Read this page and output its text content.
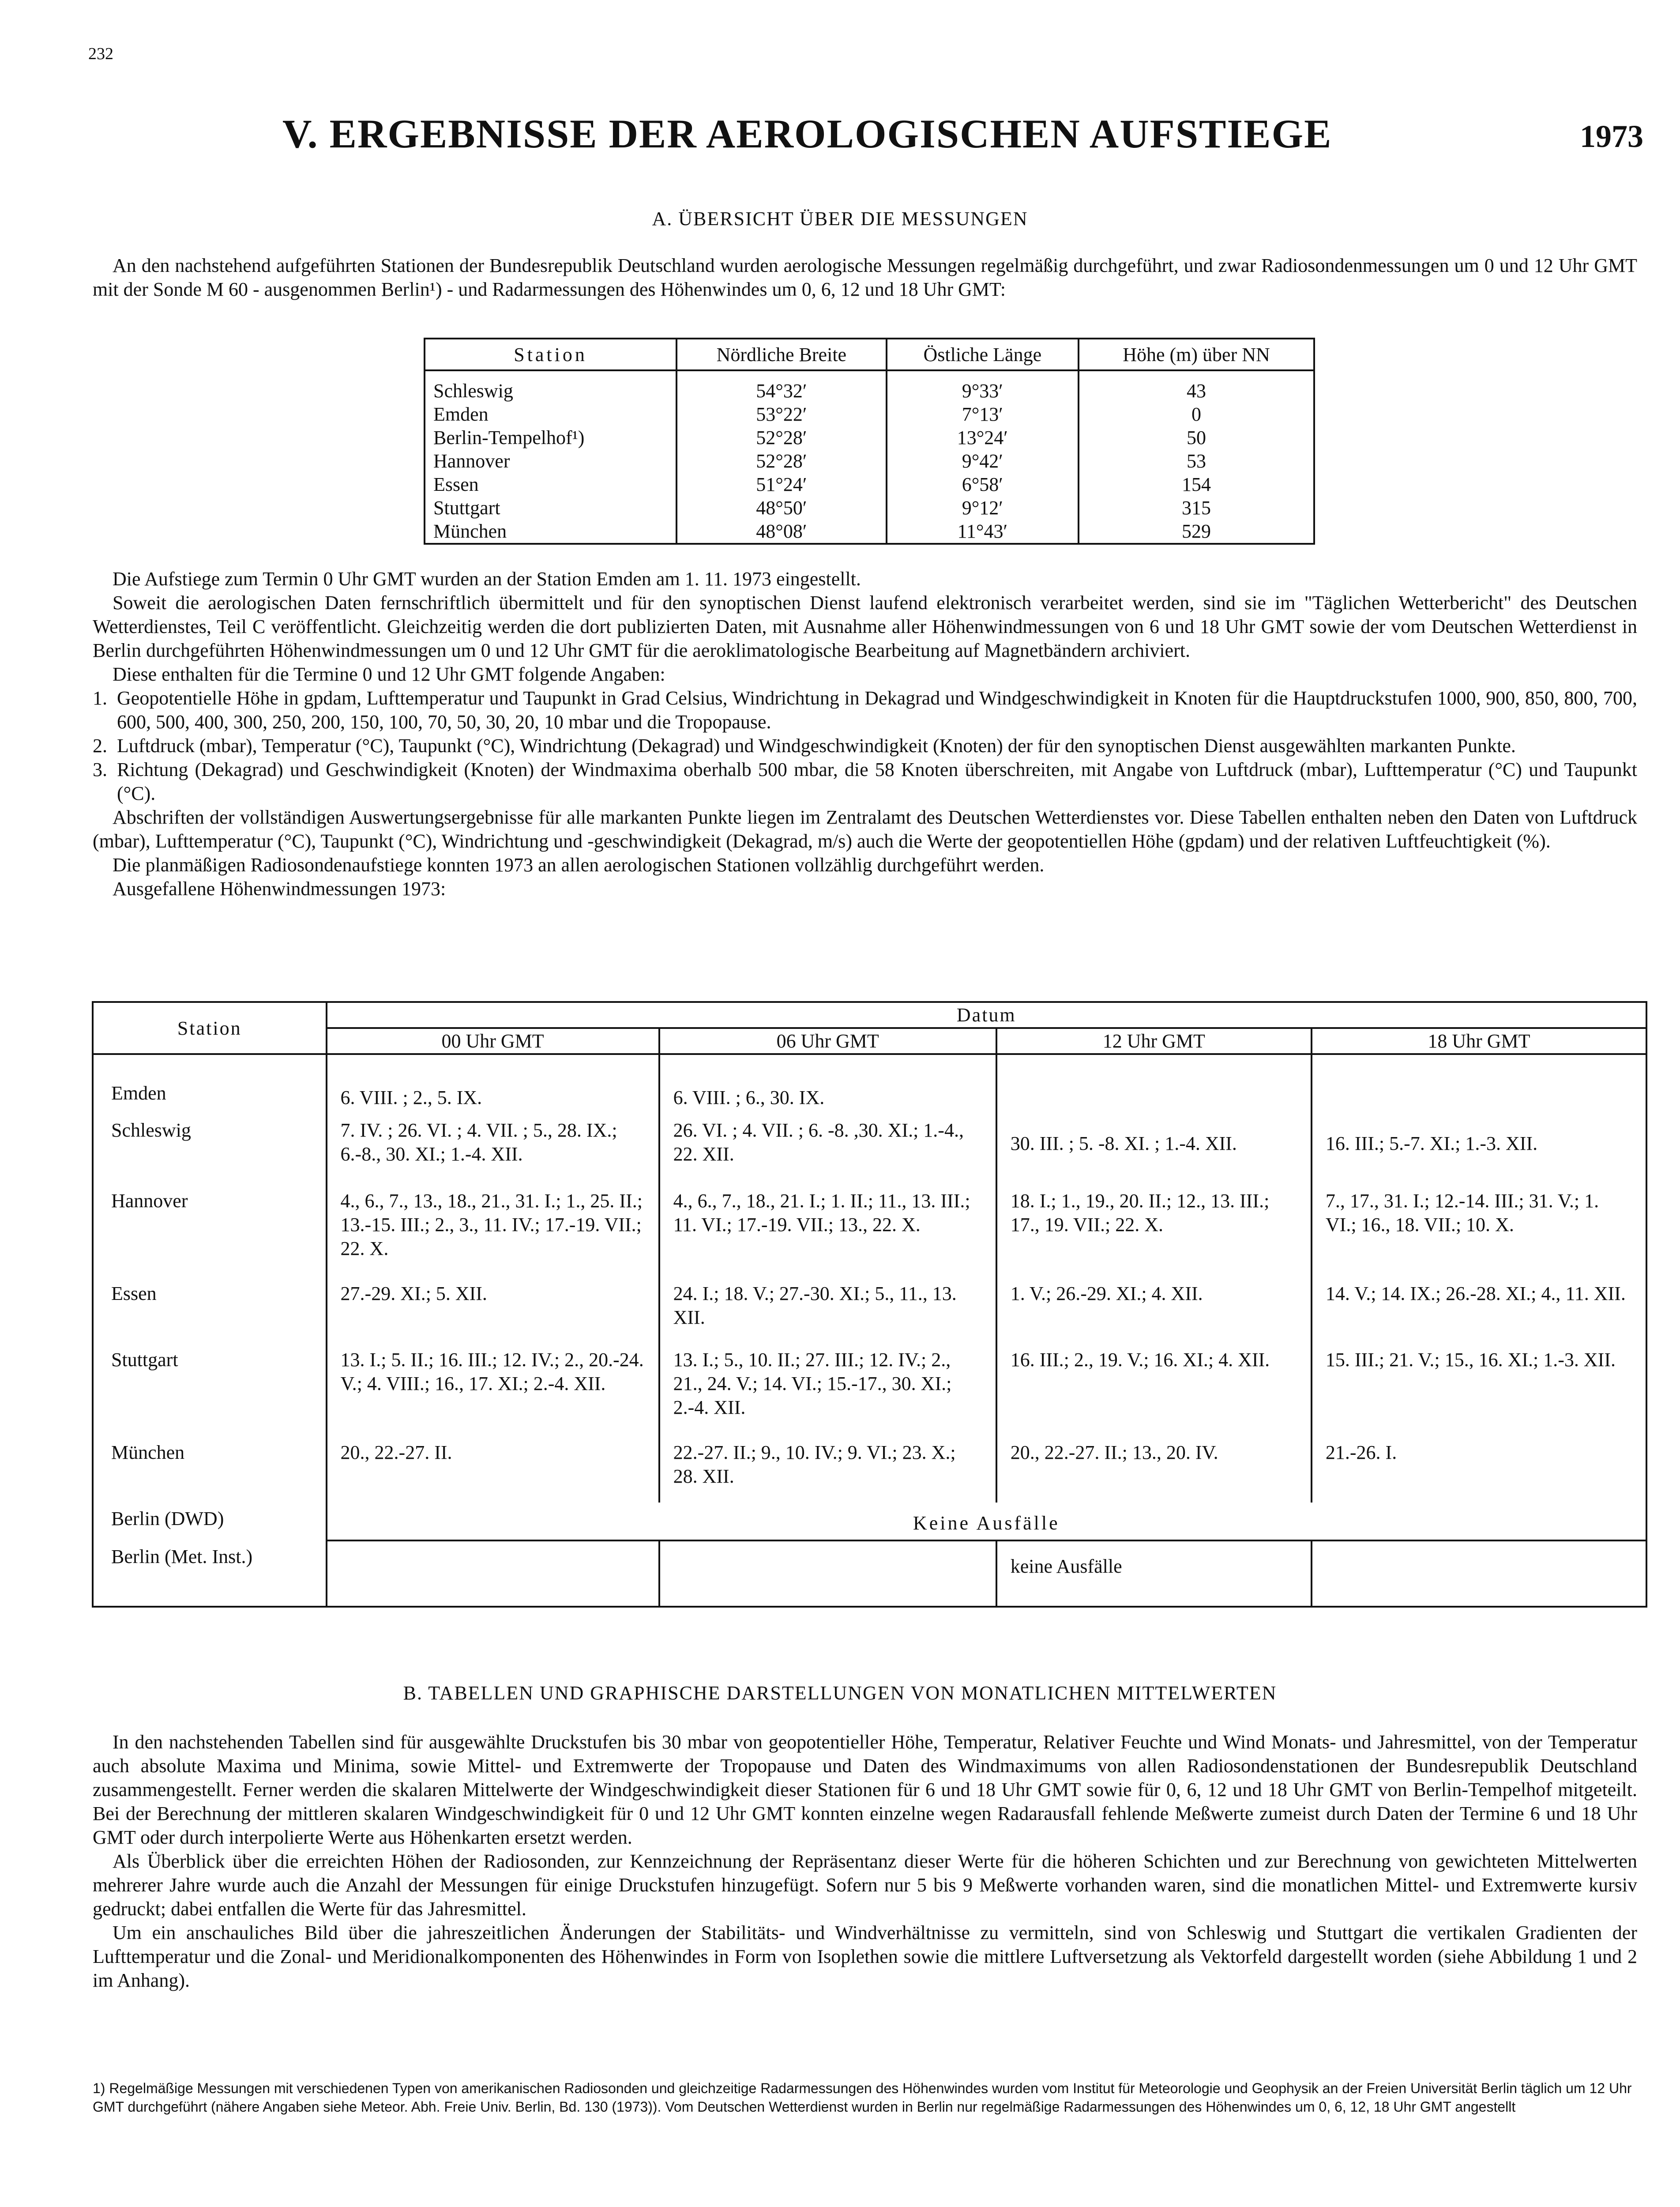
232
V. ERGEBNISSE DER AEROLOGISCHEN AUFSTIEGE	1973
A. ÜBERSICHT ÜBER DIE MESSUNGEN

An den nachstehend aufgeführten Stationen der Bundesrepublik Deutschland wurden aerologische Messungen regelmäßig durchgeführt, und zwar Radiosondenmessungen um 0 und 12 Uhr GMT mit der Sonde M 60 - ausgenommen Berlin¹) - und Radarmessungen des Höhenwindes um 0, 6, 12 und 18 Uhr GMT:

Station	Nördliche Breite	Östliche Länge	Höhe (m) über NN
Schleswig	54°32′	9°33′	43
Emden	53°22′	7°13′	0
Berlin-Tempelhof¹)	52°28′	13°24′	50
Hannover	52°28′	9°42′	53
Essen	51°24′	6°58′	154
Stuttgart	48°50′	9°12′	315
München	48°08′	11°43′	529

Die Aufstiege zum Termin 0 Uhr GMT wurden an der Station Emden am 1. 11. 1973 eingestellt.

Soweit die aerologischen Daten fernschriftlich übermittelt und für den synoptischen Dienst laufend elektronisch verarbeitet werden, sind sie im "Täglichen Wetterbericht" des Deutschen Wetterdienstes, Teil C veröffentlicht. Gleichzeitig werden die dort publizierten Daten, mit Ausnahme aller Höhenwindmessungen von 6 und 18 Uhr GMT sowie der vom Deutschen Wetterdienst in Berlin durchgeführten Höhenwindmessungen um 0 und 12 Uhr GMT für die aeroklimatologische Bearbeitung auf Magnetbändern archiviert.

Diese enthalten für die Termine 0 und 12 Uhr GMT folgende Angaben:

1. Geopotentielle Höhe in gpdam, Lufttemperatur und Taupunkt in Grad Celsius, Windrichtung in Dekagrad und Windgeschwindigkeit in Knoten für die Hauptdruckstufen 1000, 900, 850, 800, 700, 600, 500, 400, 300, 250, 200, 150, 100, 70, 50, 30, 20, 10 mbar und die Tropopause.
2. Luftdruck (mbar), Temperatur (°C), Taupunkt (°C), Windrichtung (Dekagrad) und Windgeschwindigkeit (Knoten) der für den synoptischen Dienst ausgewählten markanten Punkte.
3. Richtung (Dekagrad) und Geschwindigkeit (Knoten) der Windmaxima oberhalb 500 mbar, die 58 Knoten überschreiten, mit Angabe von Luftdruck (mbar), Lufttemperatur (°C) und Taupunkt (°C).

Abschriften der vollständigen Auswertungsergebnisse für alle markanten Punkte liegen im Zentralamt des Deutschen Wetterdienstes vor. Diese Tabellen enthalten neben den Daten von Luftdruck (mbar), Lufttemperatur (°C), Taupunkt (°C), Windrichtung und -geschwindigkeit (Dekagrad, m/s) auch die Werte der geopotentiellen Höhe (gpdam) und der relativen Luftfeuchtigkeit (%).

Die planmäßigen Radiosondenaufstiege konnten 1973 an allen aerologischen Stationen vollzählig durchgeführt werden.

Ausgefallene Höhenwindmessungen 1973:

Station	Datum			
	00 Uhr GMT	06 Uhr GMT	12 Uhr GMT	18 Uhr GMT
Emden	6. VIII. ; 2., 5. IX.	6. VIII. ; 6., 30. IX.		
Schleswig	7. IV. ; 26. VI. ; 4. VII. ; 5., 28. IX.; 6.-8., 30. XI.; 1.-4. XII.	26. VI. ; 4. VII. ; 6. -8. ,30. XI.; 1.-4., 22. XII.	30. III. ; 5. -8. XI. ; 1.-4. XII.	16. III.; 5.-7. XI.; 1.-3. XII.
Hannover	4., 6., 7., 13., 18., 21., 31. I.; 1., 25. II.; 13.-15. III.; 2., 3., 11. IV.; 17.-19. VII.; 22. X.	4., 6., 7., 18., 21. I.; 1. II.; 11., 13. III.; 11. VI.; 17.-19. VII.; 13., 22. X.	18. I.; 1., 19., 20. II.; 12., 13. III.; 17., 19. VII.; 22. X.	7., 17., 31. I.; 12.-14. III.; 31. V.; 1. VI.; 16., 18. VII.; 10. X.
Essen	27.-29. XI.; 5. XII.	24. I.; 18. V.; 27.-30. XI.; 5., 11., 13. XII.	1. V.; 26.-29. XI.; 4. XII.	14. V.; 14. IX.; 26.-28. XI.; 4., 11. XII.
Stuttgart	13. I.; 5. II.; 16. III.; 12. IV.; 2., 20.-24. V.; 4. VIII.; 16., 17. XI.; 2.-4. XII.	13. I.; 5., 10. II.; 27. III.; 12. IV.; 2., 21., 24. V.; 14. VI.; 15.-17., 30. XI.; 2.-4. XII.	16. III.; 2., 19. V.; 16. XI.; 4. XII.	15. III.; 21. V.; 15., 16. XI.; 1.-3. XII.
München	20., 22.-27. II.	22.-27. II.; 9., 10. IV.; 9. VI.; 23. X.; 28. XII.	20., 22.-27. II.; 13., 20. IV.	21.-26. I.
Berlin (DWD)	Keine Ausfälle			
Berlin (Met. Inst.)			keine Ausfälle	
B. TABELLEN UND GRAPHISCHE DARSTELLUNGEN VON MONATLICHEN MITTELWERTEN

In den nachstehenden Tabellen sind für ausgewählte Druckstufen bis 30 mbar von geopotentieller Höhe, Temperatur, Relativer Feuchte und Wind Monats- und Jahresmittel, von der Temperatur auch absolute Maxima und Minima, sowie Mittel- und Extremwerte der Tropopause und Daten des Windmaximums von allen Radiosondenstationen der Bundesrepublik Deutschland zusammengestellt. Ferner werden die skalaren Mittelwerte der Windgeschwindigkeit dieser Stationen für 6 und 18 Uhr GMT sowie für 0, 6, 12 und 18 Uhr GMT von Berlin-Tempelhof mitgeteilt. Bei der Berechnung der mittleren skalaren Windgeschwindigkeit für 0 und 12 Uhr GMT konnten einzelne wegen Radarausfall fehlende Meßwerte zumeist durch Daten der Termine 6 und 18 Uhr GMT oder durch interpolierte Werte aus Höhenkarten ersetzt werden.

Als Überblick über die erreichten Höhen der Radiosonden, zur Kennzeichnung der Repräsentanz dieser Werte für die höheren Schichten und zur Berechnung von gewichteten Mittelwerten mehrerer Jahre wurde auch die Anzahl der Messungen für einige Druckstufen hinzugefügt. Sofern nur 5 bis 9 Meßwerte vorhanden waren, sind die monatlichen Mittel- und Extremwerte kursiv gedruckt; dabei entfallen die Werte für das Jahresmittel.

Um ein anschauliches Bild über die jahreszeitlichen Änderungen der Stabilitäts- und Windverhältnisse zu vermitteln, sind von Schleswig und Stuttgart die vertikalen Gradienten der Lufttemperatur und die Zonal- und Meridionalkomponenten des Höhenwindes in Form von Isoplethen sowie die mittlere Luftversetzung als Vektorfeld dargestellt worden (siehe Abbildung 1 und 2 im Anhang).

1) Regelmäßige Messungen mit verschiedenen Typen von amerikanischen Radiosonden und gleichzeitige Radarmessungen des Höhenwindes wurden vom Institut für Meteorologie und Geophysik an der Freien Universität Berlin täglich um 12 Uhr GMT durchgeführt (nähere Angaben siehe Meteor. Abh. Freie Univ. Berlin, Bd. 130 (1973)). Vom Deutschen Wetterdienst wurden in Berlin nur regelmäßige Radarmessungen des Höhenwindes um 0, 6, 12, 18 Uhr GMT angestellt
